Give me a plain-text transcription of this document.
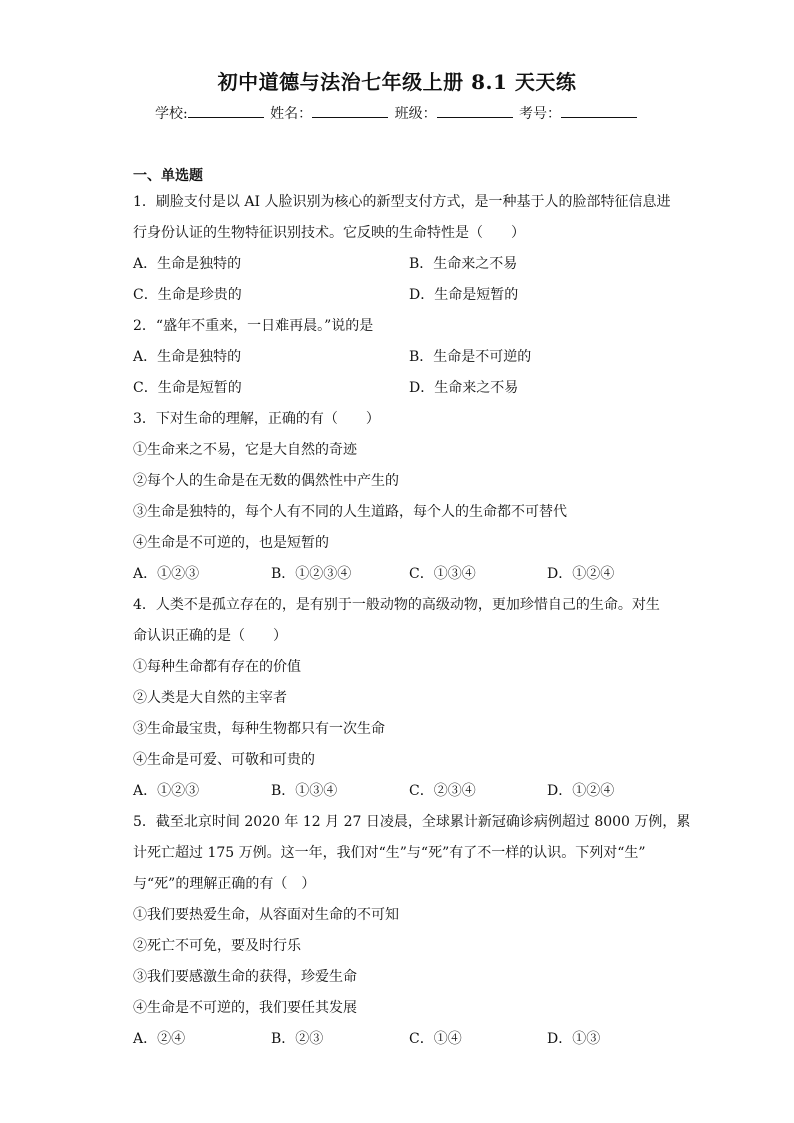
初中道德与法治七年级上册 8.1 天天练
学校:	姓名：	班级：	考号：
一、单选题
1．刷脸支付是以 AI 人脸识别为核心的新型支付方式，是一种基于人的脸部特征信息进
行身份认证的生物特征识别技术。它反映的生命特性是（　　）
A．生命是独特的	B．生命来之不易
C．生命是珍贵的	D．生命是短暂的
2．“盛年不重来，一日难再晨。”说的是
A．生命是独特的	B．生命是不可逆的
C．生命是短暂的	D．生命来之不易
3．下对生命的理解，正确的有（　　）
①生命来之不易，它是大自然的奇迹
②每个人的生命是在无数的偶然性中产生的
③生命是独特的，每个人有不同的人生道路，每个人的生命都不可替代
④生命是不可逆的，也是短暂的
A．①②③	B．①②③④	C．①③④	D．①②④
4．人类不是孤立存在的，是有别于一般动物的高级动物，更加珍惜自己的生命。对生
命认识正确的是（　　）
①每种生命都有存在的价值
②人类是大自然的主宰者
③生命最宝贵，每种生物都只有一次生命
④生命是可爱、可敬和可贵的
A．①②③	B．①③④	C．②③④	D．①②④
5．截至北京时间 2020 年 12 月 27 日凌晨，全球累计新冠确诊病例超过 8000 万例，累
计死亡超过 175 万例。这一年，我们对“生”与“死”有了不一样的认识。下列对“生”
与“死”的理解正确的有（　）
①我们要热爱生命，从容面对生命的不可知
②死亡不可免，要及时行乐
③我们要感激生命的获得，珍爱生命
④生命是不可逆的，我们要任其发展
A．②④	B．②③	C．①④	D．①③
